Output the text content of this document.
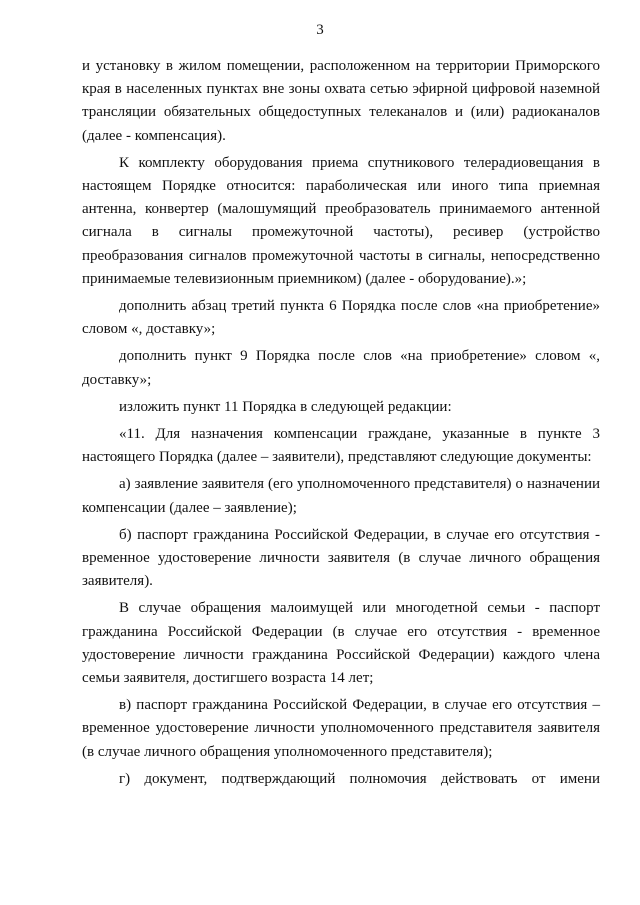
3

и установку в жилом помещении, расположенном на территории Приморского края в населенных пунктах вне зоны охвата сетью эфирной цифровой наземной трансляции обязательных общедоступных телеканалов и (или) радиоканалов (далее - компенсация).

К комплекту оборудования приема спутникового телерадиовещания в настоящем Порядке относится: параболическая или иного типа приемная антенна, конвертер (малошумящий преобразователь принимаемого антенной сигнала в сигналы промежуточной частоты), ресивер (устройство преобразования сигналов промежуточной частоты в сигналы, непосредственно принимаемые телевизионным приемником) (далее - оборудование).»;

дополнить абзац третий пункта 6 Порядка после слов «на приобретение» словом «, доставку»;

дополнить пункт 9 Порядка после слов «на приобретение» словом «, доставку»;

изложить пункт 11 Порядка в следующей редакции:

«11. Для назначения компенсации граждане, указанные в пункте 3 настоящего Порядка (далее – заявители), представляют следующие документы:

а) заявление заявителя (его уполномоченного представителя) о назначении компенсации (далее – заявление);

б) паспорт гражданина Российской Федерации, в случае его отсутствия - временное удостоверение личности заявителя (в случае личного обращения заявителя).

В случае обращения малоимущей или многодетной семьи - паспорт гражданина Российской Федерации (в случае его отсутствия - временное удостоверение личности гражданина Российской Федерации) каждого члена семьи заявителя, достигшего возраста 14 лет;

в) паспорт гражданина Российской Федерации, в случае его отсутствия – временное удостоверение личности уполномоченного представителя заявителя (в случае личного обращения уполномоченного представителя);

г) документ, подтверждающий полномочия действовать от имени
